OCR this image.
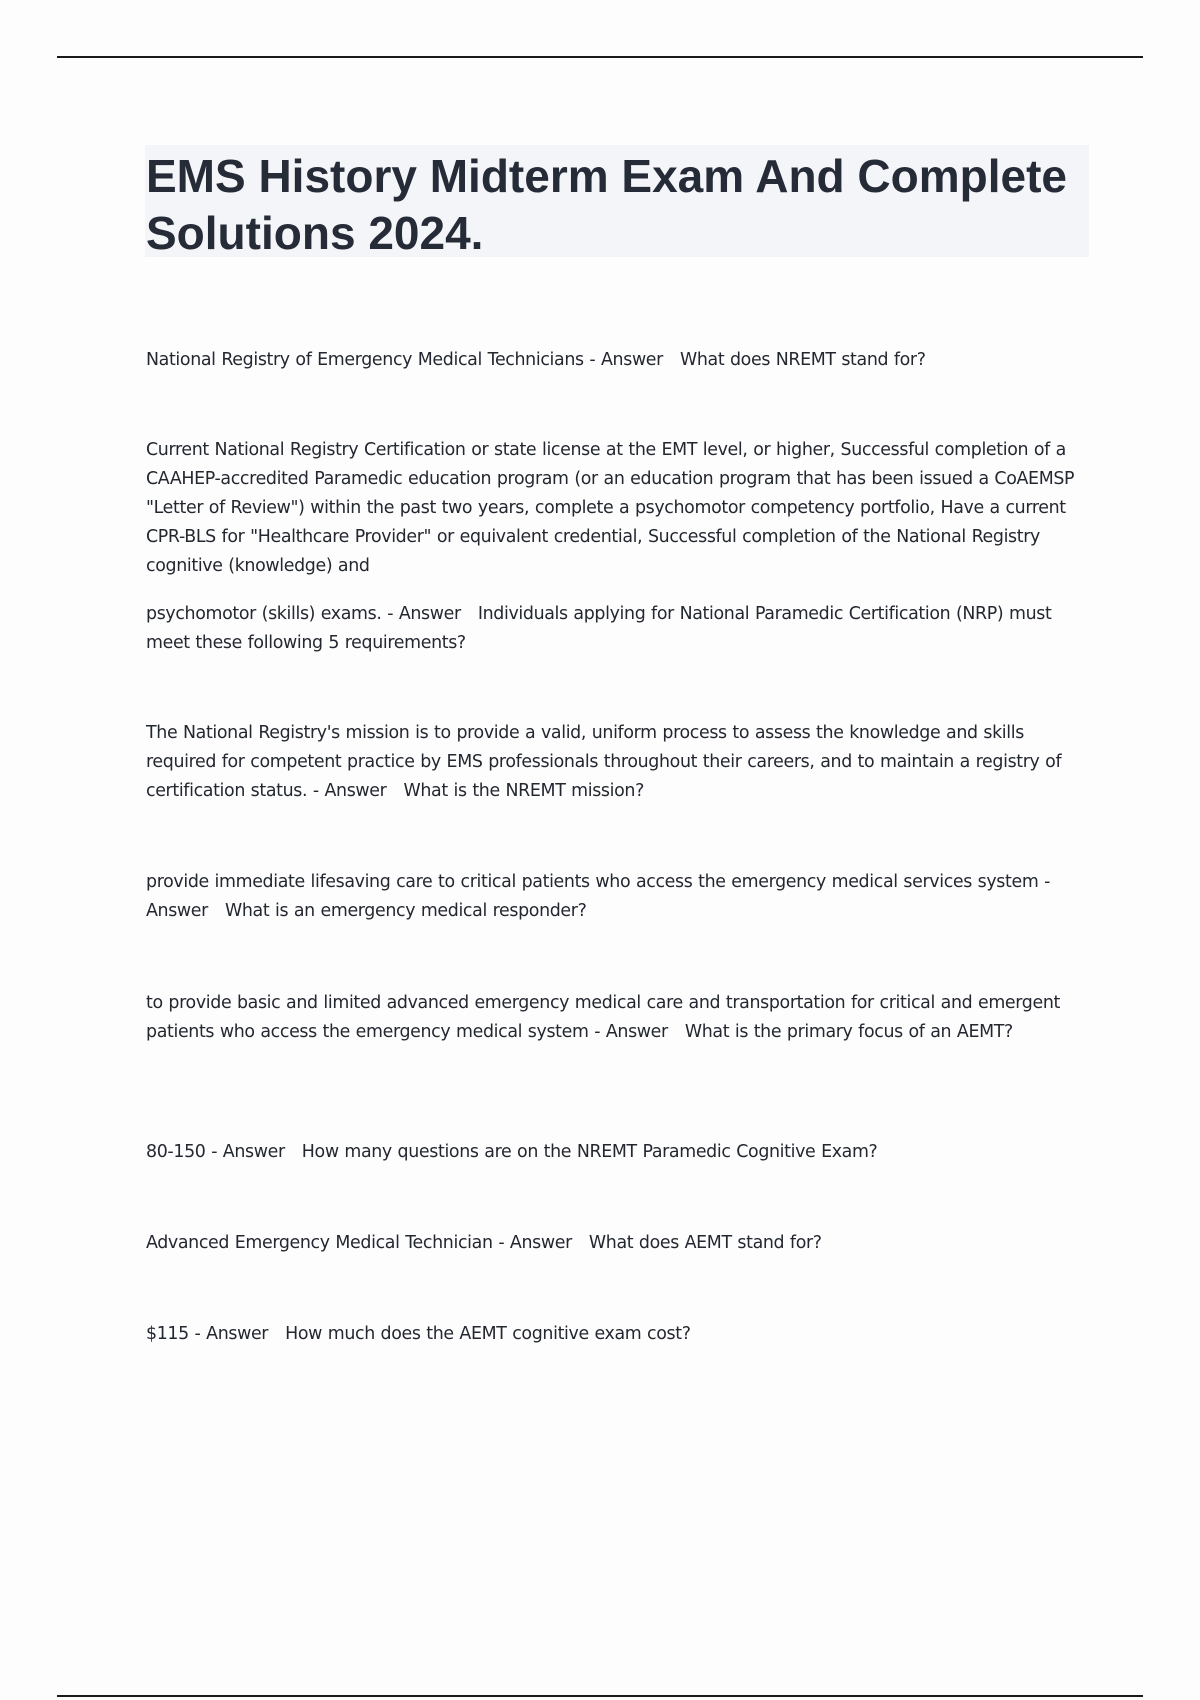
EMS History Midterm Exam And Complete Solutions 2024.

National Registry of Emergency Medical Technicians - Answer What does NREMT stand for?

Current National Registry Certification or state license at the EMT level, or higher, Successful completion of a CAAHEP-accredited Paramedic education program (or an education program that has been issued a CoAEMSP "Letter of Review") within the past two years, complete a psychomotor competency portfolio, Have a current CPR-BLS for "Healthcare Provider" or equivalent credential, Successful completion of the National Registry cognitive (knowledge) and

psychomotor (skills) exams. - Answer Individuals applying for National Paramedic Certification (NRP) must meet these following 5 requirements?

The National Registry's mission is to provide a valid, uniform process to assess the knowledge and skills required for competent practice by EMS professionals throughout their careers, and to maintain a registry of certification status. - Answer What is the NREMT mission?

provide immediate lifesaving care to critical patients who access the emergency medical services system - Answer What is an emergency medical responder?

to provide basic and limited advanced emergency medical care and transportation for critical and emergent patients who access the emergency medical system - Answer What is the primary focus of an AEMT?

80-150 - Answer How many questions are on the NREMT Paramedic Cognitive Exam?

Advanced Emergency Medical Technician - Answer What does AEMT stand for?

$115 - Answer How much does the AEMT cognitive exam cost?
